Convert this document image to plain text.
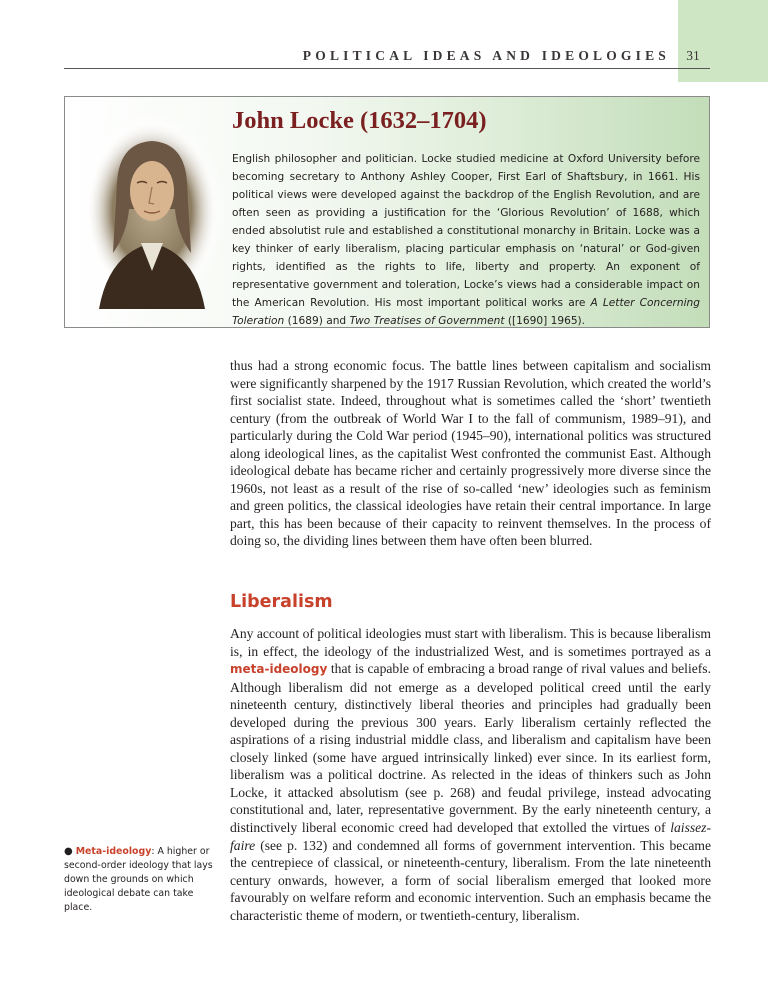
POLITICAL IDEAS AND IDEOLOGIES	31
John Locke (1632–1704)

English philosopher and politician. Locke studied medicine at Oxford University before becoming secretary to Anthony Ashley Cooper, First Earl of Shaftsbury, in 1661. His political views were developed against the backdrop of the English Revolution, and are often seen as providing a justification for the ‘Glorious Revolution’ of 1688, which ended absolutist rule and established a constitutional monarchy in Britain. Locke was a key thinker of early liberalism, placing particular emphasis on ‘natural’ or God-given rights, identified as the rights to life, liberty and property. An exponent of representative government and toleration, Locke’s views had a considerable impact on the American Revolution. His most important political works are A Letter Concerning Toleration (1689) and Two Treatises of Government ([1690] 1965).

thus had a strong economic focus. The battle lines between capitalism and socialism were significantly sharpened by the 1917 Russian Revolution, which created the world’s first socialist state. Indeed, throughout what is sometimes called the ‘short’ twentieth century (from the outbreak of World War I to the fall of communism, 1989–91), and particularly during the Cold War period (1945–90), international politics was structured along ideological lines, as the capitalist West confronted the communist East. Although ideological debate has became richer and certainly progressively more diverse since the 1960s, not least as a result of the rise of so-called ‘new’ ideologies such as feminism and green politics, the classical ideologies have retain their central importance. In large part, this has been because of their capacity to reinvent themselves. In the process of doing so, the dividing lines between them have often been blurred.

Liberalism

Any account of political ideologies must start with liberalism. This is because liberalism is, in effect, the ideology of the industrialized West, and is sometimes portrayed as a meta-ideology that is capable of embracing a broad range of rival values and beliefs. Although liberalism did not emerge as a developed political creed until the early nineteenth century, distinctively liberal theories and principles had gradually been developed during the previous 300 years. Early liberalism certainly reflected the aspirations of a rising industrial middle class, and liberalism and capitalism have been closely linked (some have argued intrinsically linked) ever since. In its earliest form, liberalism was a political doctrine. As relected in the ideas of thinkers such as John Locke, it attacked absolutism (see p. 268) and feudal privilege, instead advocating constitutional and, later, representative government. By the early nineteenth century, a distinctively liberal economic creed had developed that extolled the virtues of laissez-faire (see p. 132) and condemned all forms of government intervention. This became the centrepiece of classical, or nineteenth-century, liberalism. From the late nineteenth century onwards, however, a form of social liberalism emerged that looked more favourably on welfare reform and economic intervention. Such an emphasis became the characteristic theme of modern, or twentieth-century, liberalism.

● Meta-ideology: A higher or second-order ideology that lays down the grounds on which ideological debate can take place.
